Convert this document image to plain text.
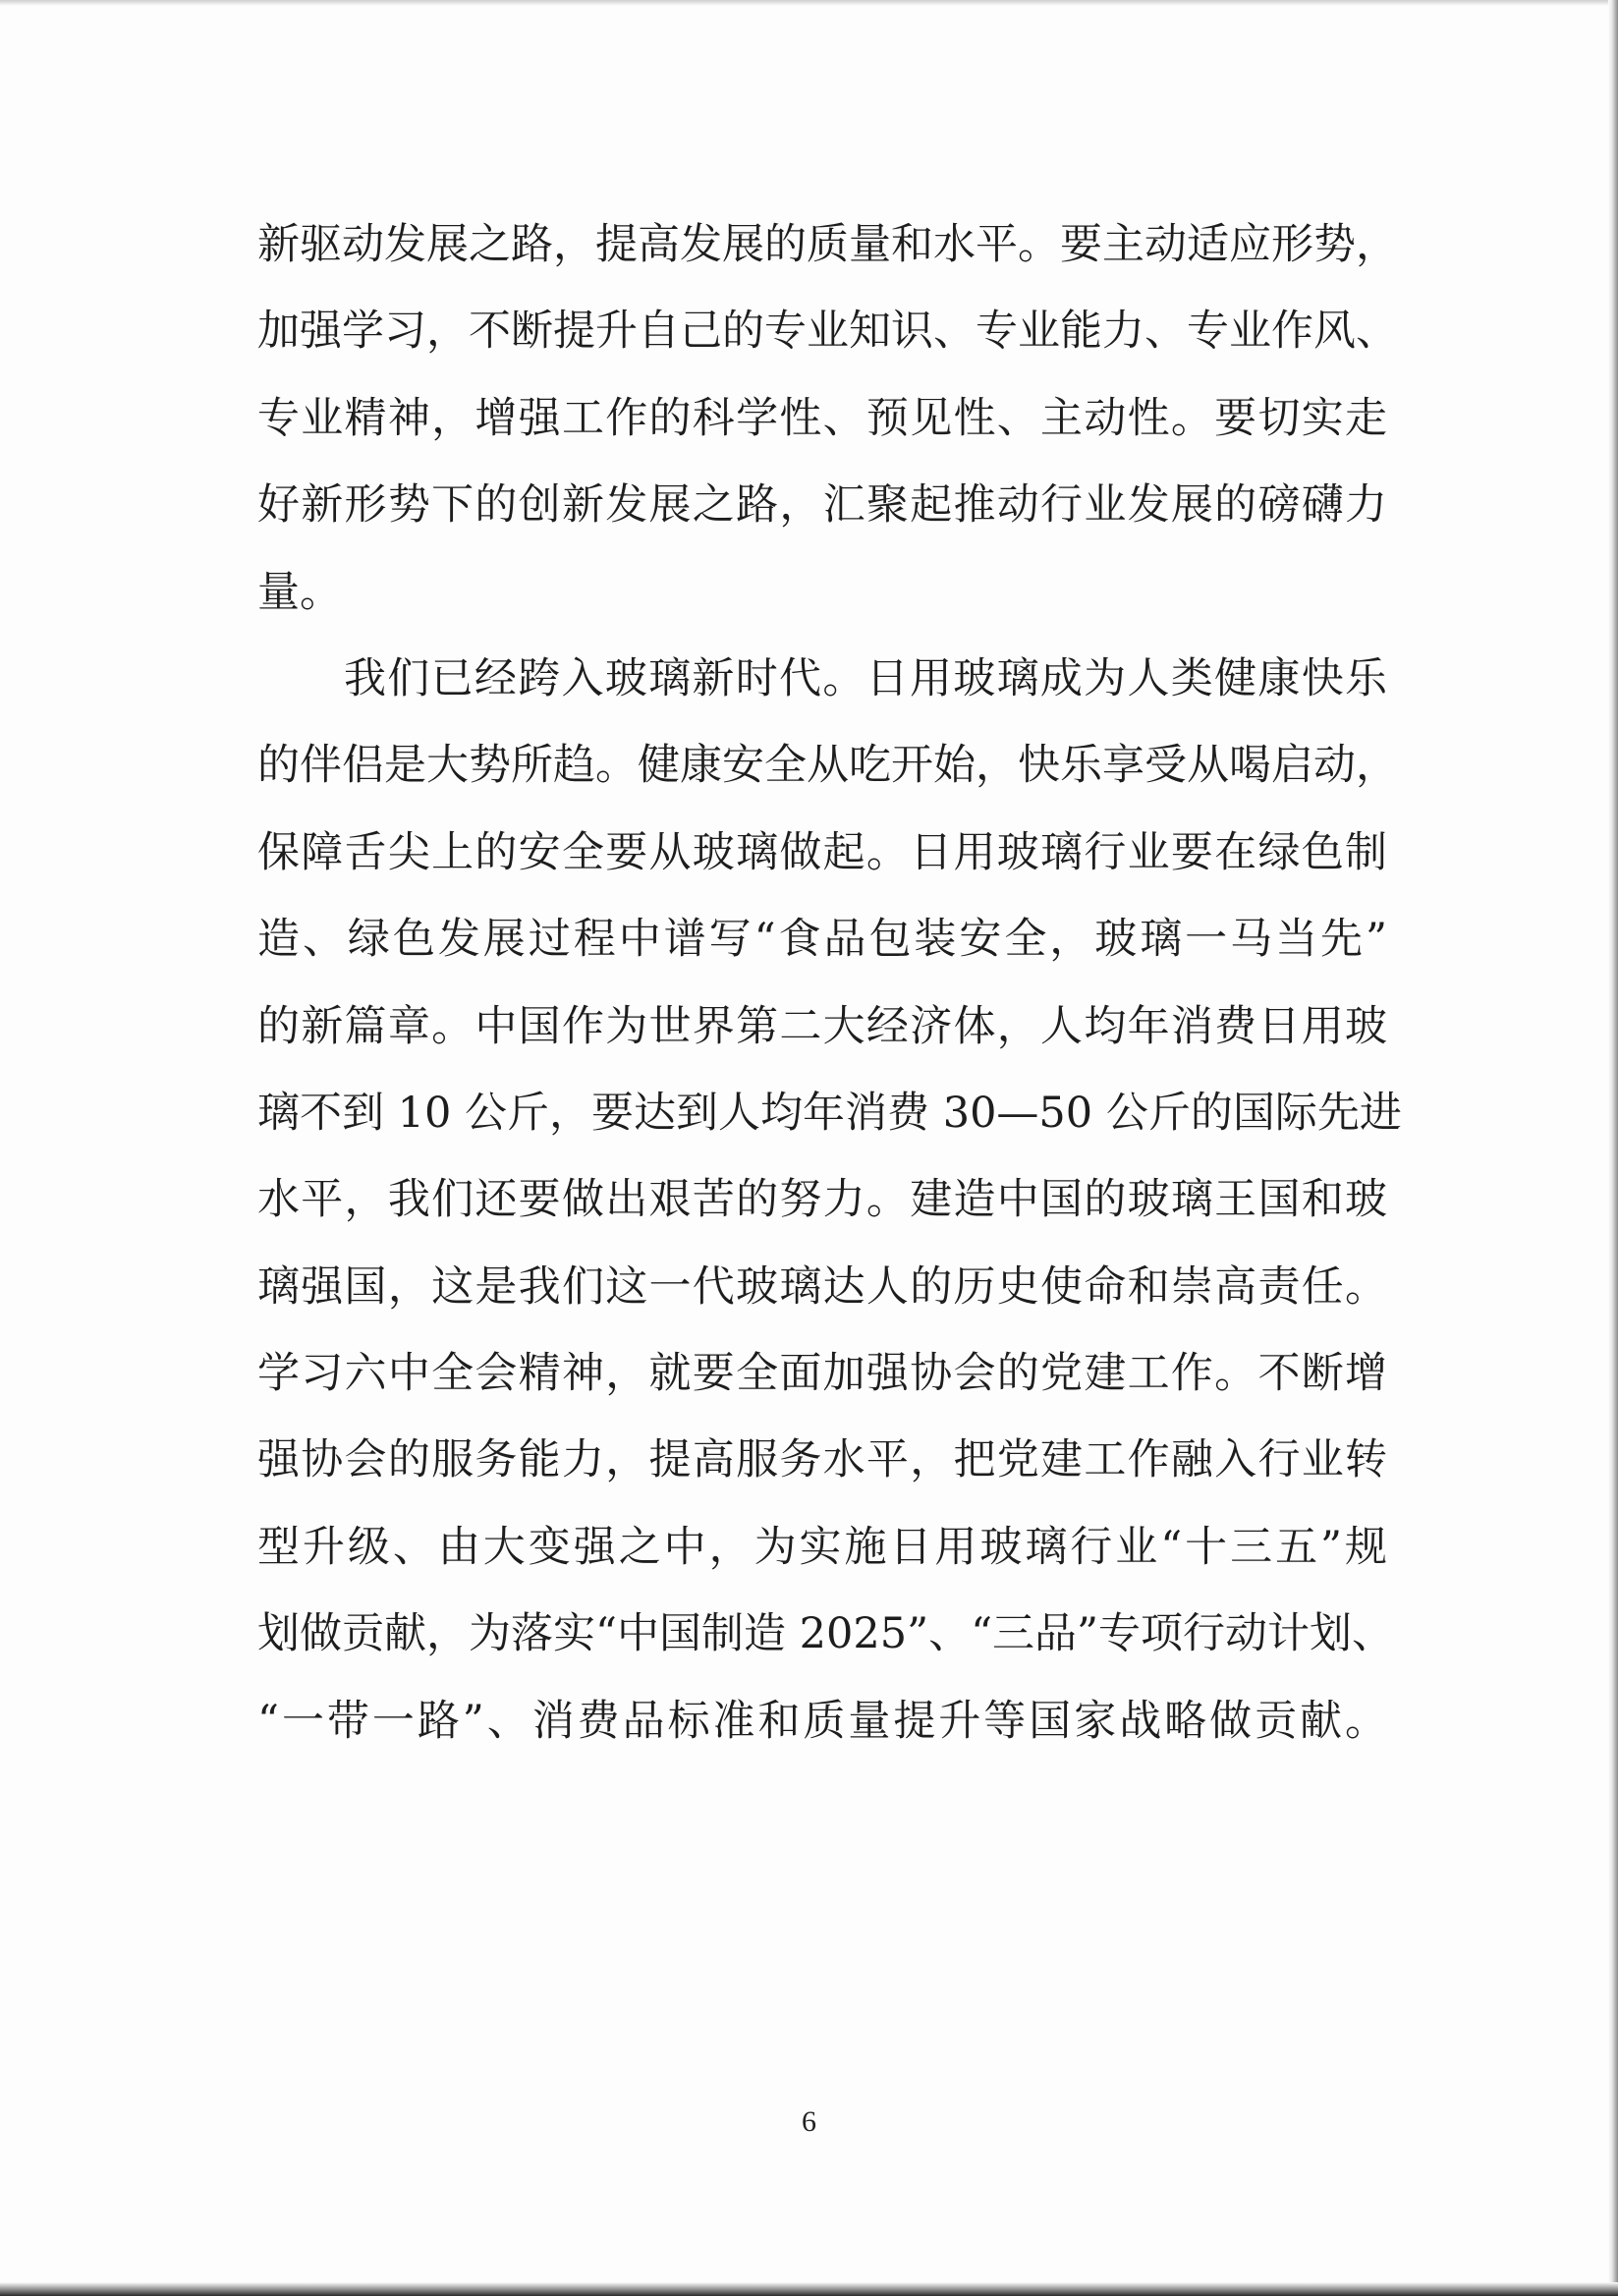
新驱动发展之路，提高发展的质量和水平。要主动适应形势，
加强学习，不断提升自己的专业知识、专业能力、专业作风、
专业精神，增强工作的科学性、预见性、主动性。要切实走
好新形势下的创新发展之路，汇聚起推动行业发展的磅礴力
量。
我们已经跨入玻璃新时代。日用玻璃成为人类健康快乐
的伴侣是大势所趋。健康安全从吃开始，快乐享受从喝启动，
保障舌尖上的安全要从玻璃做起。日用玻璃行业要在绿色制
造、绿色发展过程中谱写“食品包装安全，玻璃一马当先”
的新篇章。中国作为世界第二大经济体，人均年消费日用玻
璃不到 10 公斤，要达到人均年消费 30—50 公斤的国际先进
水平，我们还要做出艰苦的努力。建造中国的玻璃王国和玻
璃强国，这是我们这一代玻璃达人的历史使命和崇高责任。
学习六中全会精神，就要全面加强协会的党建工作。不断增
强协会的服务能力，提高服务水平，把党建工作融入行业转
型升级、由大变强之中，为实施日用玻璃行业“十三五”规
划做贡献，为落实“中国制造 2025”、“三品”专项行动计划、
“一带一路”、消费品标准和质量提升等国家战略做贡献。
6
